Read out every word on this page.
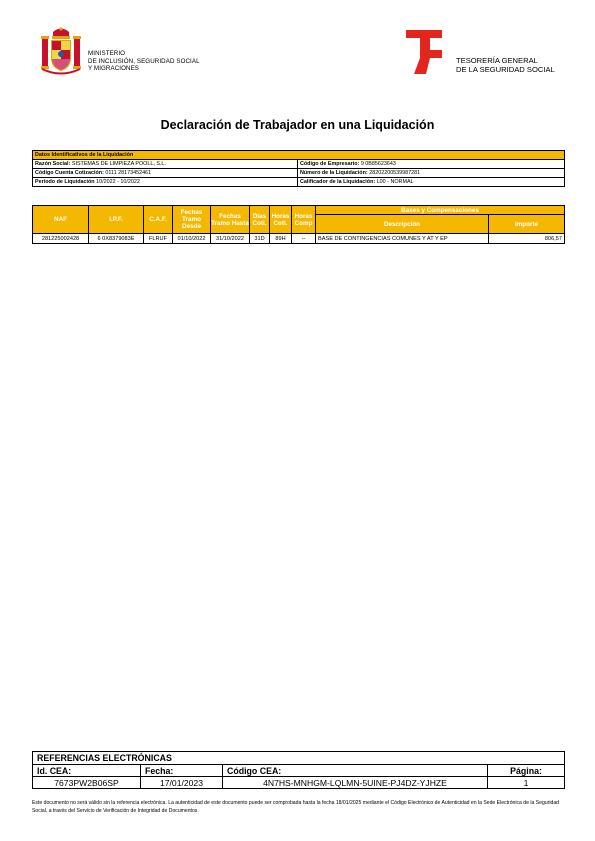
MINISTERIO
DE INCLUSIÓN, SEGURIDAD SOCIAL
Y MIGRACIONES
TESORERÍA GENERAL
DE LA SEGURIDAD SOCIAL
Declaración de Trabajador en una Liquidación
Datos Identificativos de la Liquidación	
Razón Social: SISTEMAS DE LIMPIEZA POOLL, S.L.	Código de Empresario: 9 0B85623643
Código Cuenta Cotización: 0111 28173452461	Número de la Liquidación: 28202200539987281
Periodo de Liquidación 10/2022 - 10/2022	Calificador de la Liquidación: L00 - NORMAL
NAF	I.P.F.	C.A.F.	Fechas Tramo Desde	Fechas Tramo Hasta	Días Coti.	Horas Coti.	Horas Comp	Bases y Compensaciones	
								Descripción	Importe
281225002428	6 0X8379083E	FLRUF	01/10/2022	31/10/2022	31D	89H	--	BASE DE CONTINGENCIAS COMUNES Y AT Y EP	806,57
REFERENCIAS ELECTRÓNICAS			
Id. CEA:	Fecha:	Código CEA:	Página:
7673PW2B06SP	17/01/2023	4N7HS-MNHGM-LQLMN-5UINE-PJ4DZ-YJHZE	1
Este documento no será válido sin la referencia electrónica. La autenticidad de este documento puede ser comprobada hasta la fecha 18/01/2025 mediante el Código Electrónico de Autenticidad en la Sede Electrónica de la Seguridad Social, a través del Servicio de Verificación de Integridad de Documentos.
